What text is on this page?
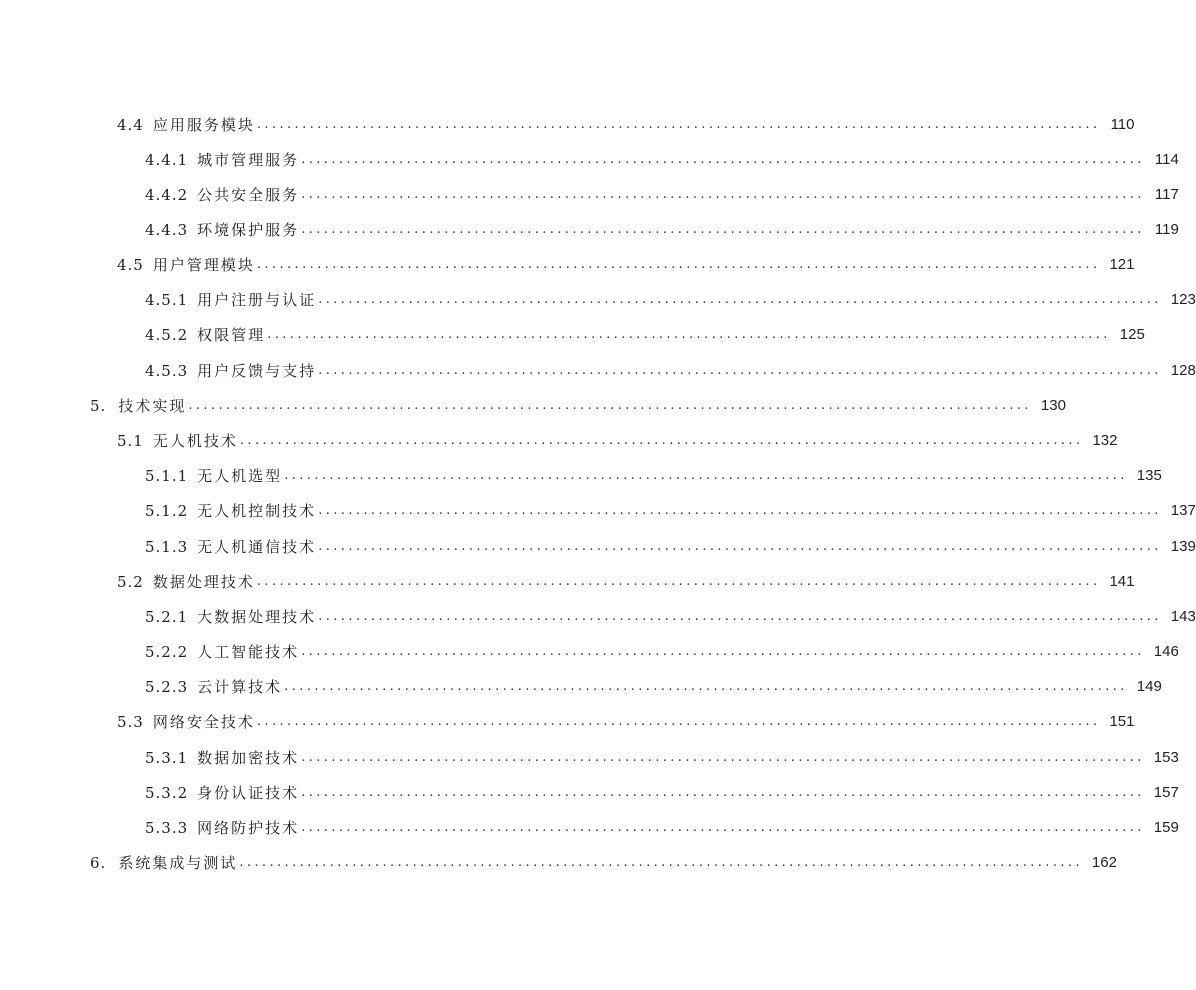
4.4 应用服务模块 ................................................................................................................ 110
4.4.1 城市管理服务 ................................................................................................................ 114
4.4.2 公共安全服务 ................................................................................................................ 117
4.4.3 环境保护服务 ................................................................................................................ 119
4.5 用户管理模块 ................................................................................................................ 121
4.5.1 用户注册与认证 ................................................................................................................ 123
4.5.2 权限管理 ................................................................................................................ 125
4.5.3 用户反馈与支持 ................................................................................................................ 128
5. 技术实现 ................................................................................................................ 130
5.1 无人机技术 ................................................................................................................ 132
5.1.1 无人机选型 ................................................................................................................ 135
5.1.2 无人机控制技术 ................................................................................................................ 137
5.1.3 无人机通信技术 ................................................................................................................ 139
5.2 数据处理技术 ................................................................................................................ 141
5.2.1 大数据处理技术 ................................................................................................................ 143
5.2.2 人工智能技术 ................................................................................................................ 146
5.2.3 云计算技术 ................................................................................................................ 149
5.3 网络安全技术 ................................................................................................................ 151
5.3.1 数据加密技术 ................................................................................................................ 153
5.3.2 身份认证技术 ................................................................................................................ 157
5.3.3 网络防护技术 ................................................................................................................ 159
6. 系统集成与测试 ................................................................................................................ 162
